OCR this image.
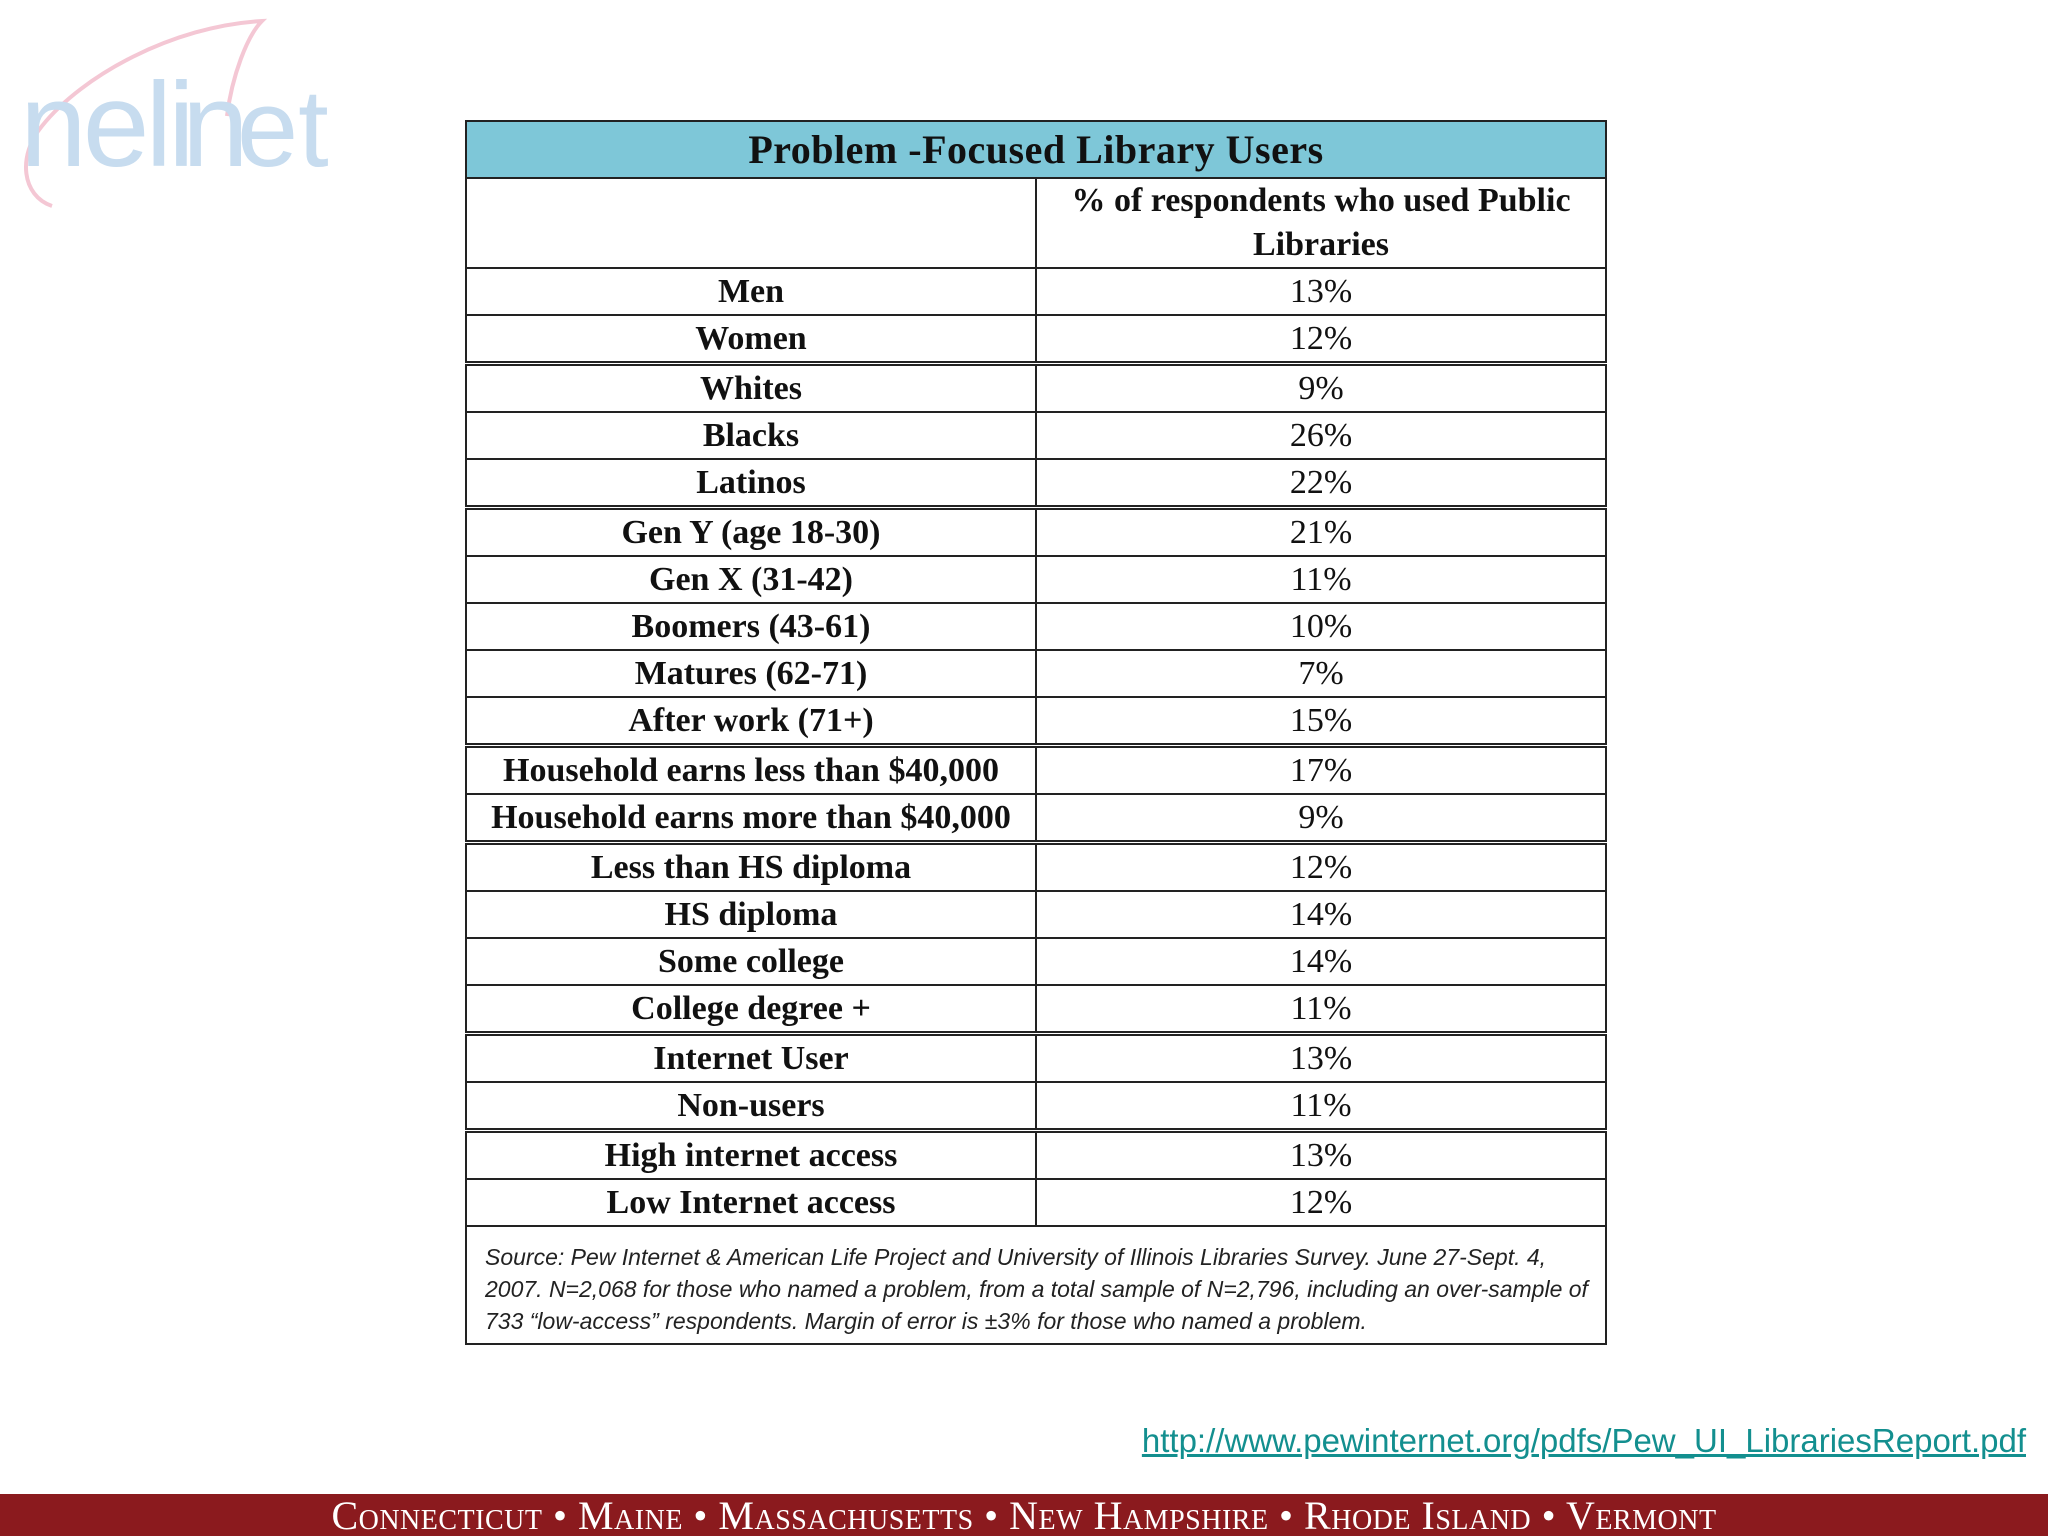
neli
n
et	Problem -Focused Library Users	
	% of respondents who used Public Libraries
Men	13%
Women	12%
Whites	9%
Blacks	26%
Latinos	22%
Gen Y (age 18-30)	21%
Gen X (31-42)	11%
Boomers (43-61)	10%
Matures (62-71)	7%
After work (71+)	15%
Household earns less than $40,000	17%
Household earns more than $40,000	9%
Less than HS diploma	12%
HS diploma	14%
Some college	14%
College degree +	11%
Internet User	13%
Non-users	11%
High internet access	13%
Low Internet access	12%
Source: Pew Internet & American Life Project and University of Illinois Libraries Survey. June 27-Sept. 4, 2007. N=2,068 for those who named a problem, from a total sample of N=2,796, including an over-sample of 733 “low-access” respondents. Margin of error is ±3% for those who named a problem.	
http://www.pewinternet.org/pdfs/Pew_UI_LibrariesReport.pdf
Connecticut • Maine • Massachusetts • New Hampshire • Rhode Island • Vermont
